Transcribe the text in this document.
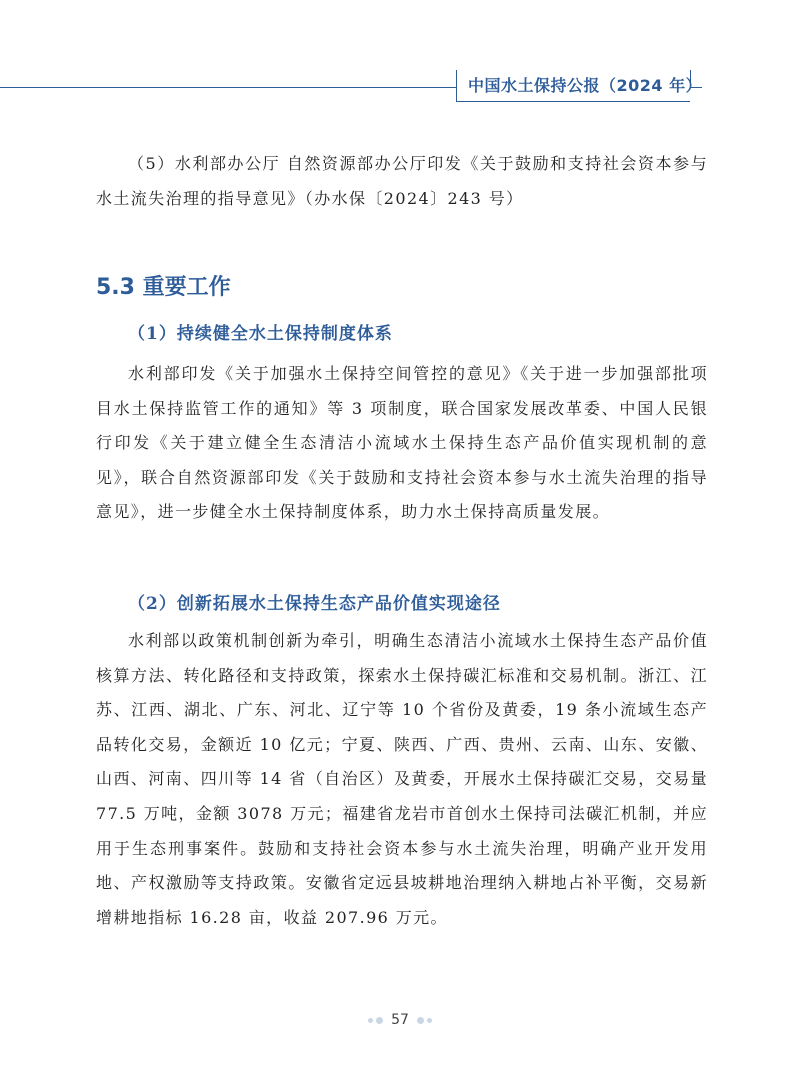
中国水土保持公报（2024 年）

（5）水利部办公厅 自然资源部办公厅印发《关于鼓励和支持社会资本参与水土流失治理的指导意见》（办水保〔2024〕243 号）

5.3 重要工作
（1）持续健全水土保持制度体系

水利部印发《关于加强水土保持空间管控的意见》《关于进一步加强部批项目水土保持监管工作的通知》等 3 项制度，联合国家发展改革委、中国人民银行印发《关于建立健全生态清洁小流域水土保持生态产品价值实现机制的意见》，联合自然资源部印发《关于鼓励和支持社会资本参与水土流失治理的指导意见》，进一步健全水土保持制度体系，助力水土保持高质量发展。

（2）创新拓展水土保持生态产品价值实现途径

水利部以政策机制创新为牵引，明确生态清洁小流域水土保持生态产品价值核算方法、转化路径和支持政策，探索水土保持碳汇标准和交易机制。浙江、江苏、江西、湖北、广东、河北、辽宁等 10 个省份及黄委，19 条小流域生态产品转化交易，金额近 10 亿元；宁夏、陕西、广西、贵州、云南、山东、安徽、山西、河南、四川等 14 省（自治区）及黄委，开展水土保持碳汇交易，交易量 77.5 万吨，金额 3078 万元；福建省龙岩市首创水土保持司法碳汇机制，并应用于生态刑事案件。鼓励和支持社会资本参与水土流失治理，明确产业开发用地、产权激励等支持政策。安徽省定远县坡耕地治理纳入耕地占补平衡，交易新增耕地指标 16.28 亩，收益 207.96 万元。

57
